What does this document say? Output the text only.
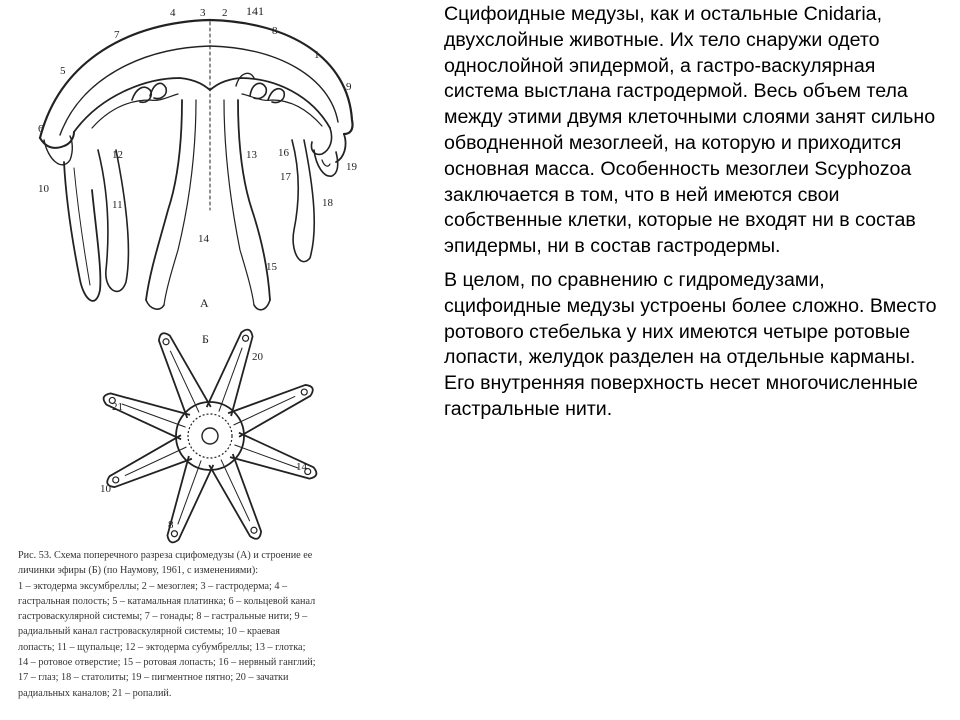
4 3 2 141
1
7	8
5
9
6
12	13 16
19
17
10
11	18
14
15
А
Б
20
21
14
10
8

Рис. 53. Схема поперечного разреза сцифомедузы (А) и строение ее

личинки эфиры (Б) (по Наумову, 1961, с изменениями):

1 – эктодерма эксумбреллы; 2 – мезоглея; 3 – гастродерма; 4 –

гастральная полость; 5 – катамальная платинка; 6 – кольцевой канал

гастроваскулярной системы; 7 – гонады; 8 – гастральные нити; 9 –

радиальный канал гастроваскулярной системы; 10 – краевая

лопасть; 11 – щупальце; 12 – эктодерма субумбреллы; 13 – глотка;

14 – ротовое отверстие; 15 – ротовая лопасть; 16 – нервный ганглий;

17 – глаз; 18 – статолиты; 19 – пигментное пятно; 20 – зачатки

радиальных каналов; 21 – ропалий.

Сцифоидные медузы, как и остальные Cnidaria, двухслойные животные. Их тело снаружи одето однослойной эпидермой, а гастро-васкулярная система выстлана гастродермой. Весь объем тела между этими двумя клеточными слоями занят сильно обводненной мезоглеей, на которую и приходится основная масса. Особенность мезоглеи Scyphozoa заключается в том, что в ней имеются свои собственные клетки, которые не входят ни в состав эпидермы, ни в состав гастродермы.

В целом, по сравнению с гидромедузами, сцифоидные медузы устроены более сложно. Вместо ротового стебелька у них имеются четыре ротовые лопасти, желудок разделен на отдельные карманы. Его внутренняя поверхность несет многочисленные гастральные нити.
